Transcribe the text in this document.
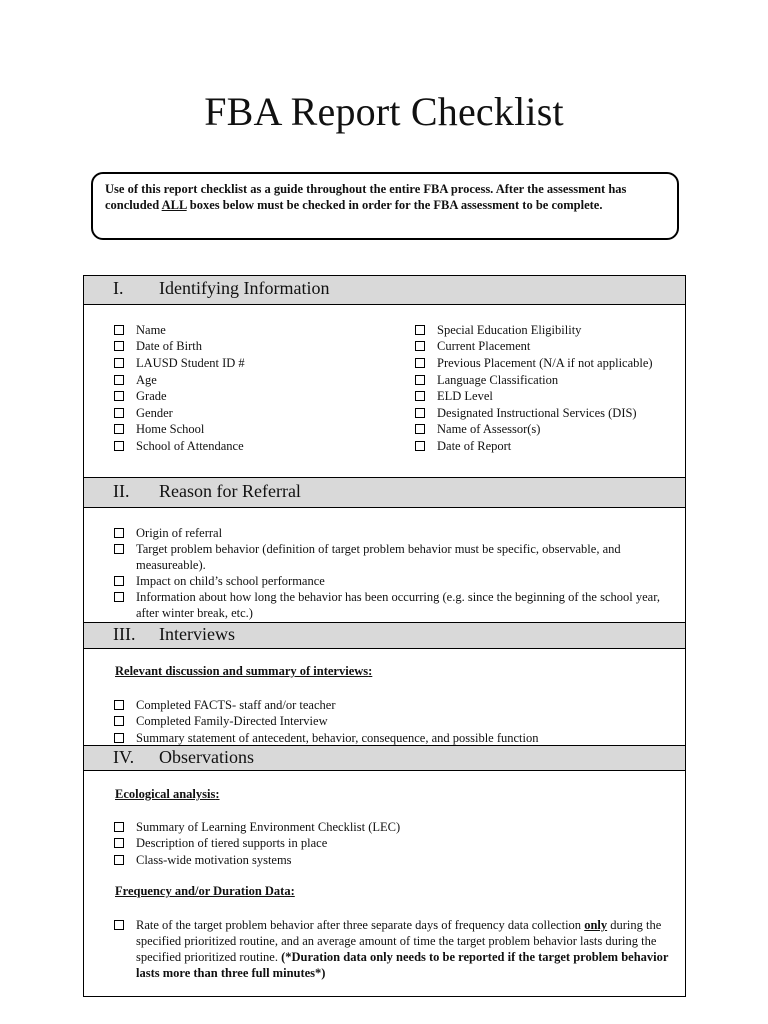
FBA Report Checklist
Use of this report checklist as a guide throughout the entire FBA process. After the assessment has concluded ALL boxes below must be checked in order for the FBA assessment to be complete.
I. Identifying Information
Name
Date of Birth
LAUSD Student ID #
Age
Grade
Gender
Home School
School of Attendance
Special Education Eligibility
Current Placement
Previous Placement (N/A if not applicable)
Language Classification
ELD Level
Designated Instructional Services (DIS)
Name of Assessor(s)
Date of Report
II. Reason for Referral
Origin of referral
Target problem behavior (definition of target problem behavior must be specific, observable, and measureable).
Impact on child’s school performance
Information about how long the behavior has been occurring (e.g. since the beginning of the school year, after winter break, etc.)
III. Interviews
Relevant discussion and summary of interviews:
Completed FACTS- staff and/or teacher
Completed Family-Directed Interview
Summary statement of antecedent, behavior, consequence, and possible function
IV. Observations
Ecological analysis:
Summary of Learning Environment Checklist (LEC)
Description of tiered supports in place
Class-wide motivation systems
Frequency and/or Duration Data:
Rate of the target problem behavior after three separate days of frequency data collection only during the specified prioritized routine, and an average amount of time the target problem behavior lasts during the specified prioritized routine. (*Duration data only needs to be reported if the target problem behavior lasts more than three full minutes*)
